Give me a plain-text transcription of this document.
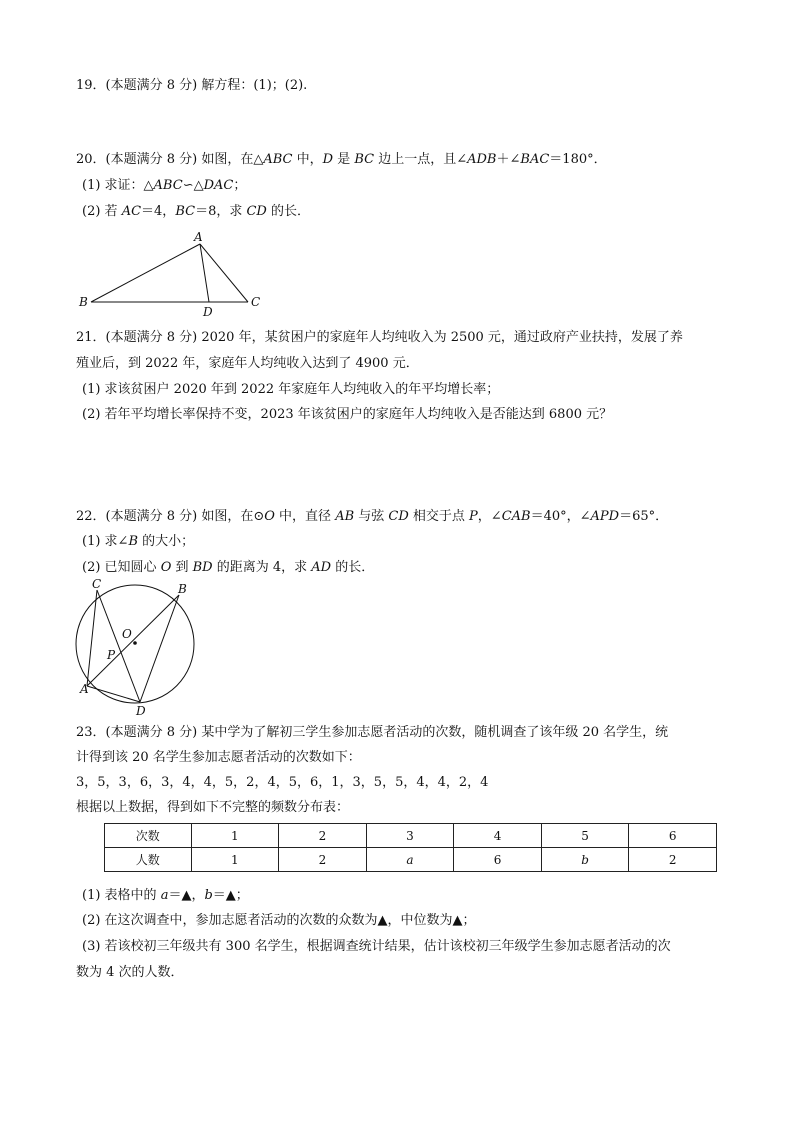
19．(本题满分 8 分) 解方程：(1)；(2).
20．(本题满分 8 分) 如图，在△ABC 中，D 是 BC 边上一点，且∠ADB＋∠BAC＝180°．
(1) 求证：△ABC∽△DAC；
(2) 若 AC＝4，BC＝8，求 CD 的长．
A
B	C
D
21．(本题满分 8 分) 2020 年，某贫困户的家庭年人均纯收入为 2500 元，通过政府产业扶持，发展了养
殖业后，到 2022 年，家庭年人均纯收入达到了 4900 元．
(1) 求该贫困户 2020 年到 2022 年家庭年人均纯收入的年平均增长率；
(2) 若年平均增长率保持不变，2023 年该贫困户的家庭年人均纯收入是否能达到 6800 元？
22．(本题满分 8 分) 如图，在⊙O 中，直径 AB 与弦 CD 相交于点 P，∠CAB＝40°，∠APD＝65°．
(1) 求∠B 的大小；
(2) 已知圆心 O 到 BD 的距离为 4，求 AD 的长．
C	B
O
P
A
D
23．(本题满分 8 分) 某中学为了解初三学生参加志愿者活动的次数，随机调查了该年级 20 名学生，统
计得到该 20 名学生参加志愿者活动的次数如下：
3，5，3，6，3，4，4，5，2，4，5，6，1，3，5，5，4，4，2，4
根据以上数据，得到如下不完整的频数分布表：
次数	1	2	3	4	5	6
人数	1	2	a	6	b	2
(1) 表格中的 a＝▲，b＝▲；
(2) 在这次调查中，参加志愿者活动的次数的众数为▲，中位数为▲；
(3) 若该校初三年级共有 300 名学生，根据调查统计结果，估计该校初三年级学生参加志愿者活动的次
数为 4 次的人数．
